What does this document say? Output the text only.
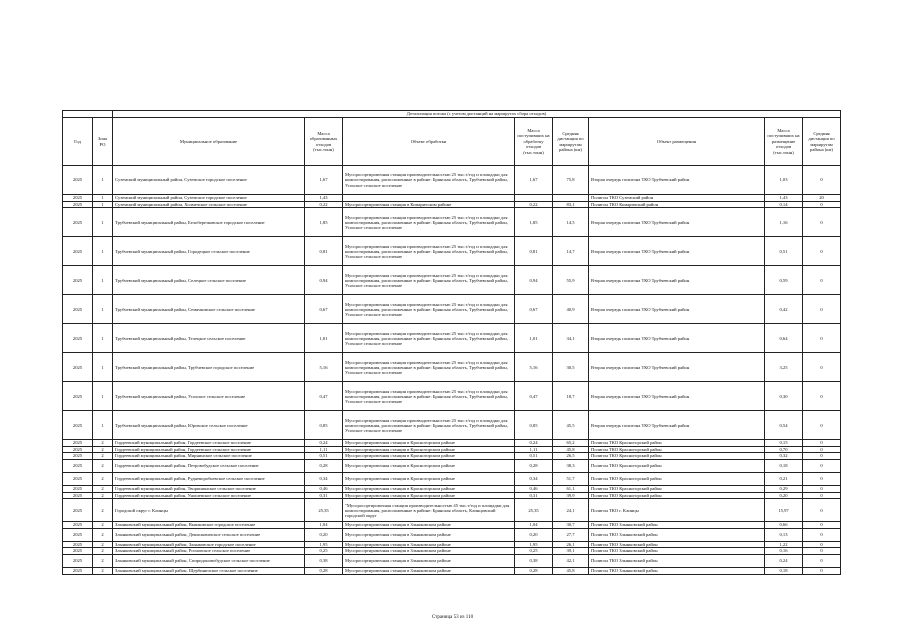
		Детализация потока (с учетом дистанций на маршрутах сбора отходов)							
Год	Зона РО	Муниципальное образование	Масса образованных отходов (тыс.тонн)	Объект обработки	Масса поступивших на обработку отходов (тыс.тонн)	Средняя дистанция по маршрутам района (км)	Объект размещения	Масса поступивших на размещение отходов (тыс.тонн)	Средняя дистанция по маршрутам района (км)
2025	1	Суземский муниципальный район, Суземское городское поселение	1,67	Мусоросортировочная станция производительностью 25 тыс.т/год и площадки для компостирования, расположенные в районе: Брянская область, Трубчевский район, Усохское сельское поселение	1,67	75,8	Вторая очередь полигона ТКО Трубчевский район	1,03	0
2025	1	Суземский муниципальный район, Суземское городское поселение	1,43				Полигон ТКО Суземский район	1,43	20
2025	1	Суземский муниципальный район, Холмечское сельское поселение	0,22	Мусоросортировочная станция в Комаричском районе	0,22	83,1	Полигон ТКО Комаричский район	0,14	0
2025	1	Трубчевский муниципальный район, Белоберезковское городское поселение	1,85	Мусоросортировочная станция производительностью 25 тыс.т/год и площадки для компостирования, расположенные в районе: Брянская область, Трубчевский район, Усохское сельское поселение	1,85	14,5	Вторая очередь полигона ТКО Трубчевский район	1,16	0
2025	1	Трубчевский муниципальный район, Городецкое сельское поселение	0,81	Мусоросортировочная станция производительностью 25 тыс.т/год и площадки для компостирования, расположенные в районе: Брянская область, Трубчевский район, Усохское сельское поселение	0,81	14,7	Вторая очередь полигона ТКО Трубчевский район	0,51	0
2025	1	Трубчевский муниципальный район, Селецкое сельское поселение	0,94	Мусоросортировочная станция производительностью 25 тыс.т/год и площадки для компостирования, расположенные в районе: Брянская область, Трубчевский район, Усохское сельское поселение	0,94	55,9	Вторая очередь полигона ТКО Трубчевский район	0,59	0
2025	1	Трубчевский муниципальный район, Семячковское сельское поселение	0,67	Мусоросортировочная станция производительностью 25 тыс.т/год и площадки для компостирования, расположенные в районе: Брянская область, Трубчевский район, Усохское сельское поселение	0,67	40,9	Вторая очередь полигона ТКО Трубчевский район	0,42	0
2025	1	Трубчевский муниципальный район, Телецкое сельское поселение	1,01	Мусоросортировочная станция производительностью 25 тыс.т/год и площадки для компостирования, расположенные в районе: Брянская область, Трубчевский район, Усохское сельское поселение	1,01	34,1	Вторая очередь полигона ТКО Трубчевский район	0,64	0
2025	1	Трубчевский муниципальный район, Трубчевское городское поселение	5,16	Мусоросортировочная станция производительностью 25 тыс.т/год и площадки для компостирования, расположенные в районе: Брянская область, Трубчевский район, Усохское сельское поселение	5,16	30,5	Вторая очередь полигона ТКО Трубчевский район	3,25	0
2025	1	Трубчевский муниципальный район, Усохское сельское поселение	0,47	Мусоросортировочная станция производительностью 25 тыс.т/год и площадки для компостирования, расположенные в районе: Брянская область, Трубчевский район, Усохское сельское поселение	0,47	18,7	Вторая очередь полигона ТКО Трубчевский район	0,30	0
2025	1	Трубчевский муниципальный район, Юровское сельское поселение	0,85	Мусоросортировочная станция производительностью 25 тыс.т/год и площадки для компостирования, расположенные в районе: Брянская область, Трубчевский район, Усохское сельское поселение	0,85	45,5	Вторая очередь полигона ТКО Трубчевский район	0,54	0
2025	2	Гордеевский муниципальный район, Гордеевское сельское поселение	0,24	Мусоросортировочная станция в Красногорском районе	0,24	65,2	Полигон ТКО Красногорский район	0,15	0
2025	2	Гордеевский муниципальный район, Гордеевское сельское поселение	1,11	Мусоросортировочная станция в Красногорском районе	1,11	45,8	Полигон ТКО Красногорский район	0,70	0
2025	2	Гордеевский муниципальный район, Мирнинское сельское поселение	0,51	Мусоросортировочная станция в Красногорском районе	0,51	26,5	Полигон ТКО Красногорский район	0,32	0
2025	2	Гордеевский муниципальный район, Петровобудское сельское поселение	0,28	Мусоросортировочная станция в Красногорском районе	0,28	38,3	Полигон ТКО Красногорский район	0,18	0
2025	2	Гордеевский муниципальный район, Рудневоробьевское сельское поселение	0,34	Мусоросортировочная станция в Красногорском районе	0,34	51,7	Полигон ТКО Красногорский район	0,21	0
2025	2	Гордеевский муниципальный район, Творишинское сельское поселение	0,46	Мусоросортировочная станция в Красногорском районе	0,46	61,1	Полигон ТКО Красногорский район	0,29	0
2025	2	Гордеевский муниципальный район, Уношевское сельское поселение	0,31	Мусоросортировочная станция в Красногорском районе	0,31	39,9	Полигон ТКО Красногорский район	0,20	0
2025	2	Городской округ г. Клинцы	25,35	"Мусоросортировочная станция производительностью 45 тыс.т/год и площадки для компостирования, расположенные в районе: Брянская область, Клинцовский городской округ	25,35	24,1	Полигон ТКО г. Клинцы	15,97	0
2025	2	Злынковский муниципальный район, Вышковское городское поселение	1,04	Мусоросортировочная станция в Злынковском районе	1,04	30,7	Полигон ТКО Злынковский район	0,66	0
2025	2	Злынковский муниципальный район, Денисковичское сельское поселение	0,20	Мусоросортировочная станция в Злынковском районе	0,20	27,7	Полигон ТКО Злынковский район	0,13	0
2025	2	Злынковский муниципальный район, Злынковское городское поселение	1,95	Мусоросортировочная станция в Злынковском районе	1,95	26,1	Полигон ТКО Злынковский район	1,22	0
2025	2	Злынковский муниципальный район, Рогновское сельское поселение	0,25	Мусоросортировочная станция в Злынковском районе	0,25	39,1	Полигон ТКО Злынковский район	0,16	0
2025	2	Злынковский муниципальный район, Спиридоновобудское сельское поселение	0,38	Мусоросортировочная станция в Злынковском районе	0,38	42,1	Полигон ТКО Злынковский район	0,24	0
2025	2	Злынковский муниципальный район, Щербиничское сельское поселение	0,28	Мусоросортировочная станция в Злынковском районе	0,28	45,8	Полигон ТКО Злынковский район	0,18	0
Страница 53 из 110
